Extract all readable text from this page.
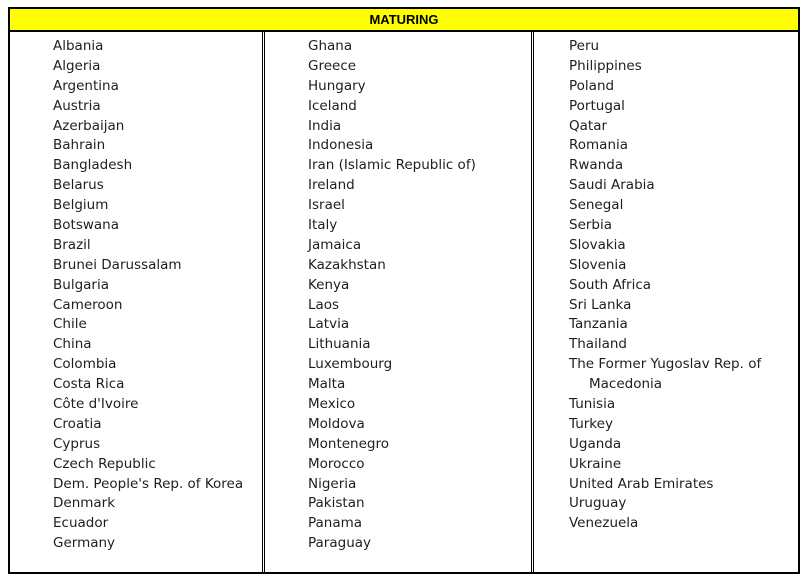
MATURING
Albania
Algeria
Argentina
Austria
Azerbaijan
Bahrain
Bangladesh
Belarus
Belgium
Botswana
Brazil
Brunei Darussalam
Bulgaria
Cameroon
Chile
China
Colombia
Costa Rica
Côte d'Ivoire
Croatia
Cyprus
Czech Republic
Dem. People's Rep. of Korea
Denmark
Ecuador
Germany
Ghana
Greece
Hungary
Iceland
India
Indonesia
Iran (Islamic Republic of)
Ireland
Israel
Italy
Jamaica
Kazakhstan
Kenya
Laos
Latvia
Lithuania
Luxembourg
Malta
Mexico
Moldova
Montenegro
Morocco
Nigeria
Pakistan
Panama
Paraguay
Peru
Philippines
Poland
Portugal
Qatar
Romania
Rwanda
Saudi Arabia
Senegal
Serbia
Slovakia
Slovenia
South Africa
Sri Lanka
Tanzania
Thailand
The Former Yugoslav Rep. of
Macedonia
Tunisia
Turkey
Uganda
Ukraine
United Arab Emirates
Uruguay
Venezuela
